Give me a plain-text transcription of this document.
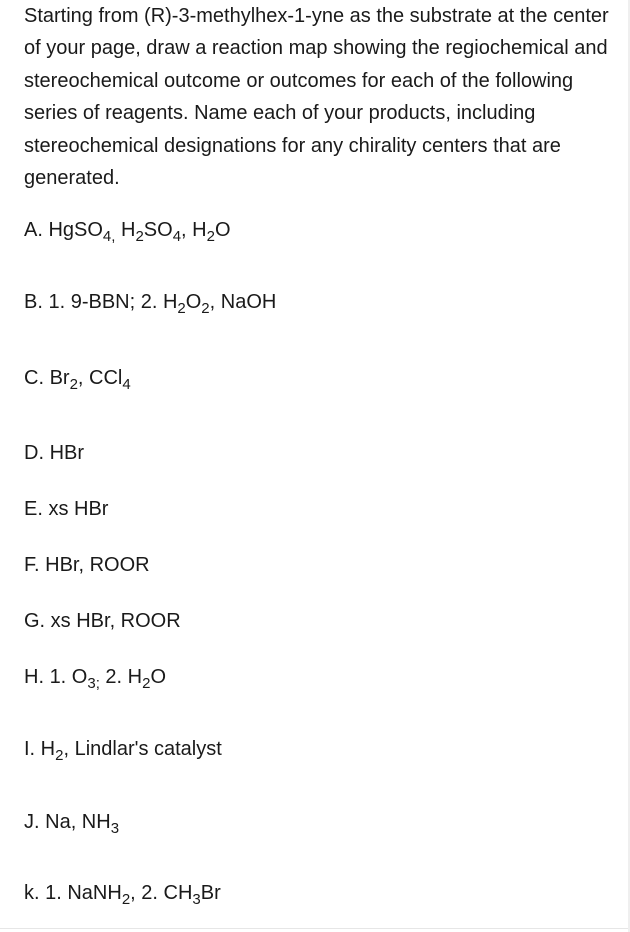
Starting from (R)-3-methylhex-1-yne as the substrate at the center of your page, draw a reaction map showing the regiochemical and stereochemical outcome or outcomes for each of the following series of reagents. Name each of your products, including stereochemical designations for any chirality centers that are generated.

A. HgSO$_{4,}$ $H_2SO_4$, $H_2O$

B. 1. 9-BBN; 2. $H_2O_2$, NaOH

C. $Br_2$, CCl$_4$

D. HBr

E. xs HBr

F. HBr, ROOR

G. xs HBr, ROOR

H. 1. $O_{3;}$ 2. $H_2O$

I. $H_2$, Lindlar's catalyst

J. Na, $NH_3$

k. 1. NaNH$_2$, 2. $CH_3Br$
